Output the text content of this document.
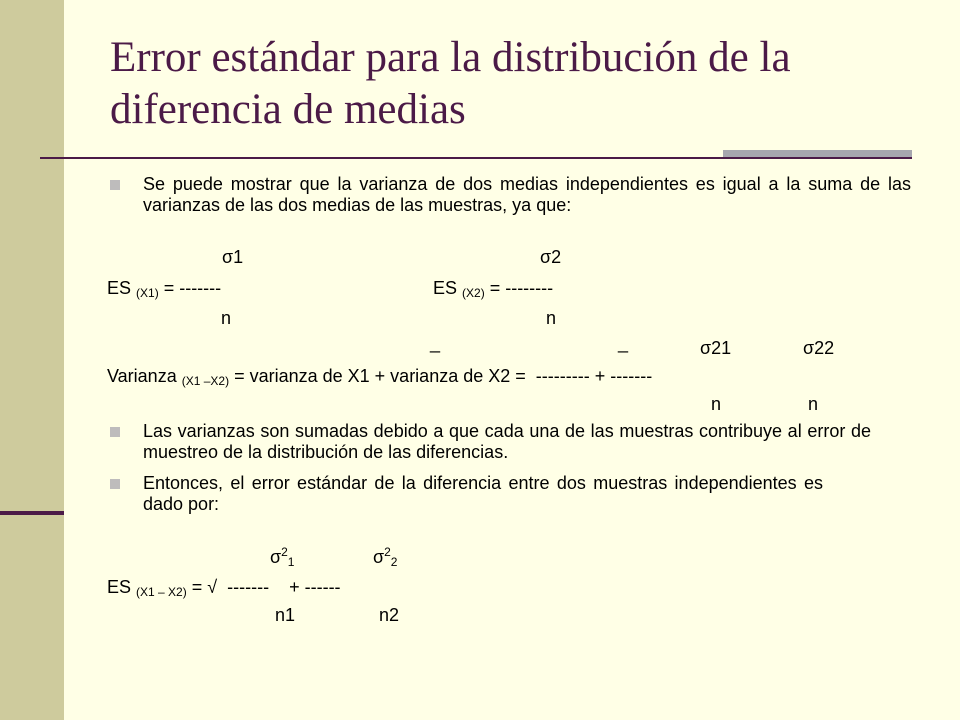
Error estándar para la distribución de la diferencia de medias
Se puede mostrar que la varianza de dos medias independientes es igual a la suma de las varianzas de las dos medias de las muestras, ya que:
σ1	σ2
ES $_{(X1)}$ = -------	ES $_{(X2)}$ = --------
n	n
_	_	σ21	σ22
Varianza $_{(X1 -X2)}$ = varianza de X1 + varianza de X2 =  --------- + -------
n	n
Las varianzas son sumadas debido a que cada una de las muestras contribuye al error de muestreo de la distribución de las diferencias.
Entonces, el error estándar de la diferencia entre dos muestras independientes es dado por:
$\sigma^2_1$	$\sigma^2_2$
ES $_{(X1 - X2)}$ = √  -------    + ------
n1	n2
